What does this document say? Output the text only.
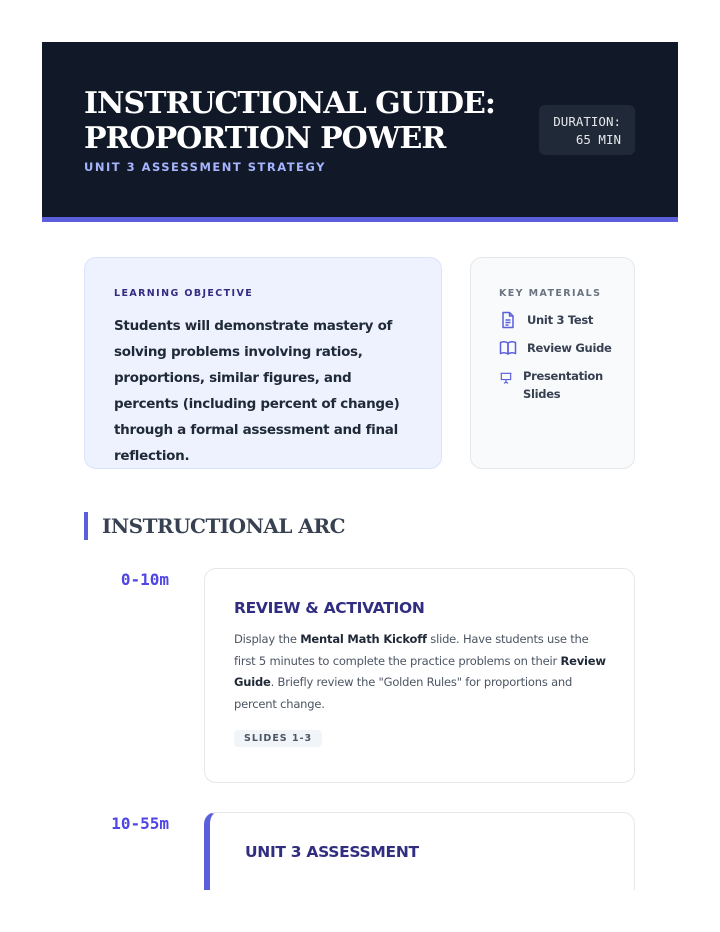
INSTRUCTIONAL GUIDE: PROPORTION POWER
UNIT 3 ASSESSMENT STRATEGY
DURATION:
65 MIN
LEARNING OBJECTIVE
Students will demonstrate mastery of solving problems involving ratios, proportions, similar figures, and percents (including percent of change) through a formal assessment and final reflection.
KEY MATERIALS
Unit 3 Test
Review Guide
Presentation Slides
INSTRUCTIONAL ARC
0-10m
REVIEW & ACTIVATION
Display the Mental Math Kickoff slide. Have students use the first 5 minutes to complete the practice problems on their Review Guide. Briefly review the "Golden Rules" for proportions and percent change.
SLIDES 1-3
10-55m
UNIT 3 ASSESSMENT
